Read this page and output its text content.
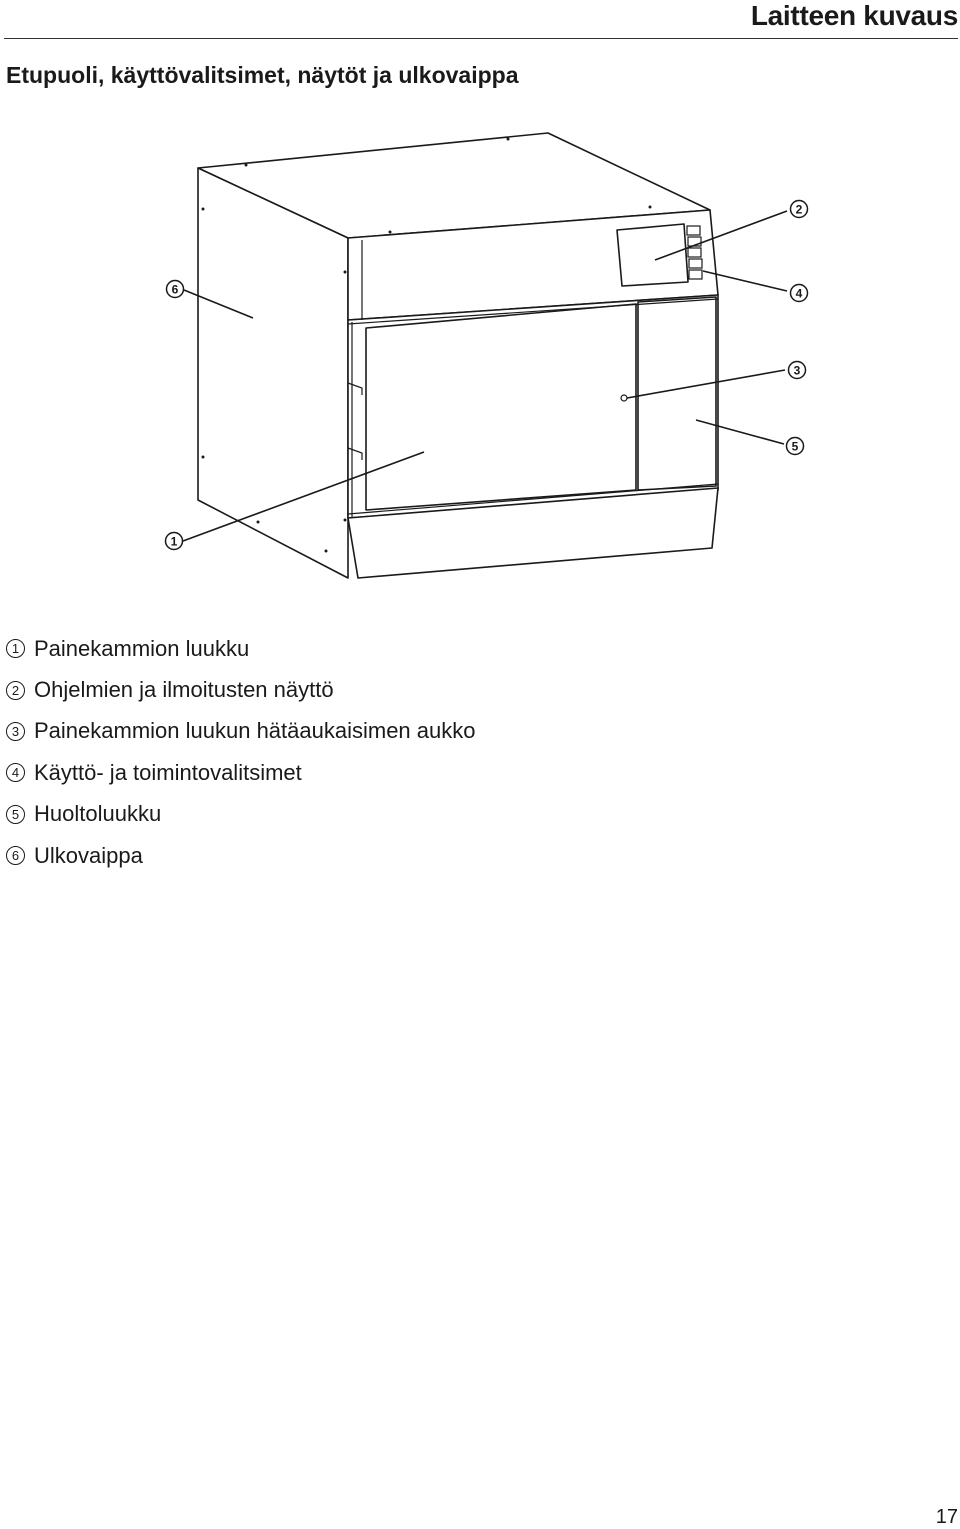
Laitteen kuvaus
Etupuoli, käyttövalitsimet, näytöt ja ulkovaippa
1
2
3
4
5
6
1 Painekammion luukku
2 Ohjelmien ja ilmoitusten näyttö
3 Painekammion luukun hätäaukaisimen aukko
4 Käyttö- ja toimintovalitsimet
5 Huoltoluukku
6 Ulkovaippa
17
